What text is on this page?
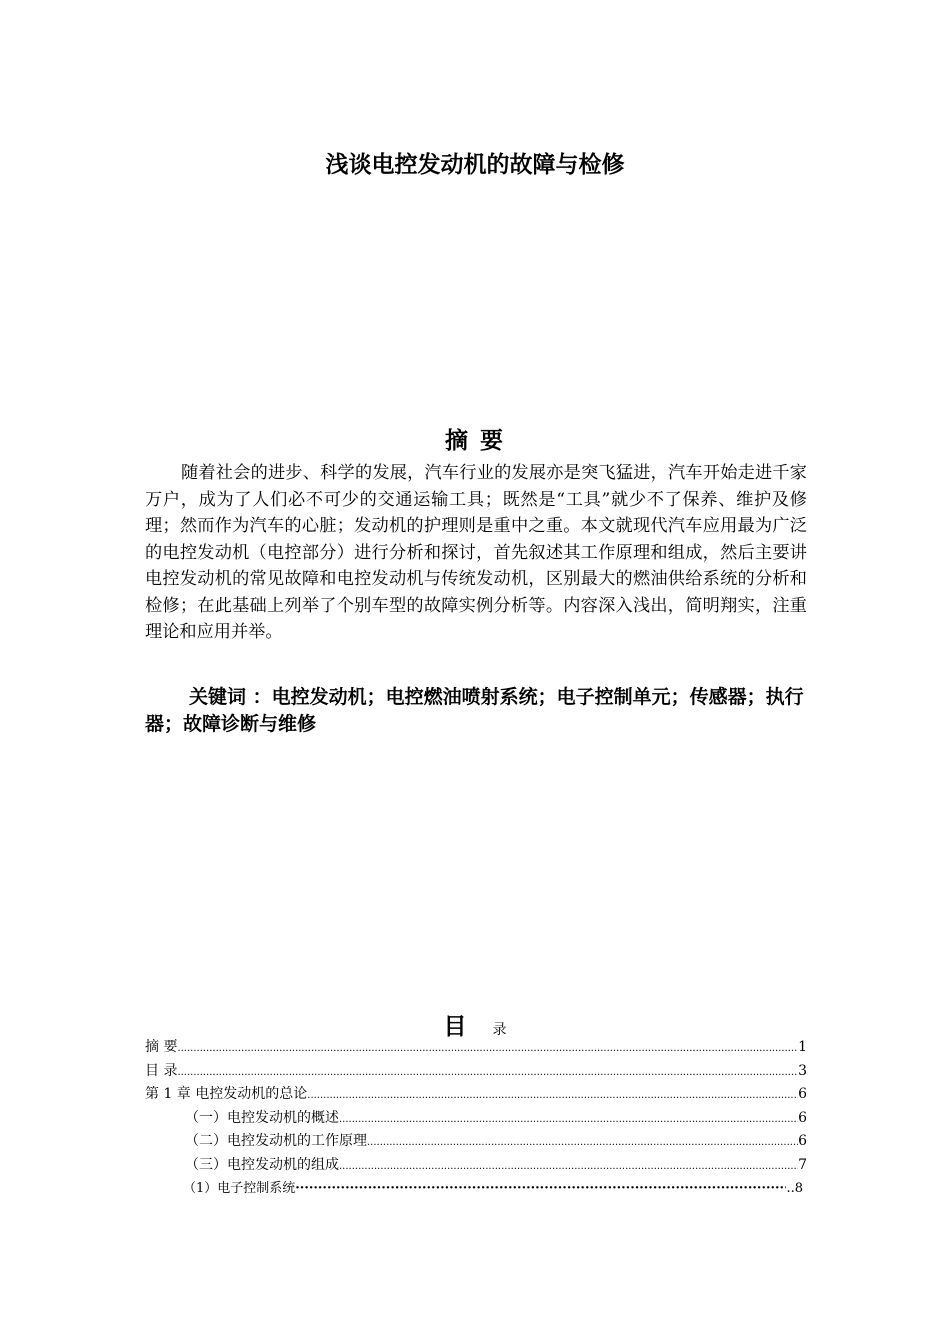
浅谈电控发动机的故障与检修
摘 要

随着社会的进步、科学的发展，汽车行业的发展亦是突飞猛进，汽车开始走进千家万户，成为了人们必不可少的交通运输工具；既然是“工具”就少不了保养、维护及修理；然而作为汽车的心脏；发动机的护理则是重中之重。本文就现代汽车应用最为广泛的电控发动机（电控部分）进行分析和探讨，首先叙述其工作原理和组成，然后主要讲电控发动机的常见故障和电控发动机与传统发动机，区别最大的燃油供给系统的分析和检修；在此基础上列举了个别车型的故障实例分析等。内容深入浅出，简明翔实，注重理论和应用并举。

关键词 ：电控发动机；电控燃油喷射系统；电子控制单元；传感器；执行器；故障诊断与维修

目 录
摘 要 .....	1
目 录 .....	3
第 1 章 电控发动机的总论 .....	6
（一）电控发动机的概述 .....	6
（二）电控发动机的工作原理 .....	6
（三）电控发动机的组成 .....	7
（1）电子控制系统 ·····	..8
